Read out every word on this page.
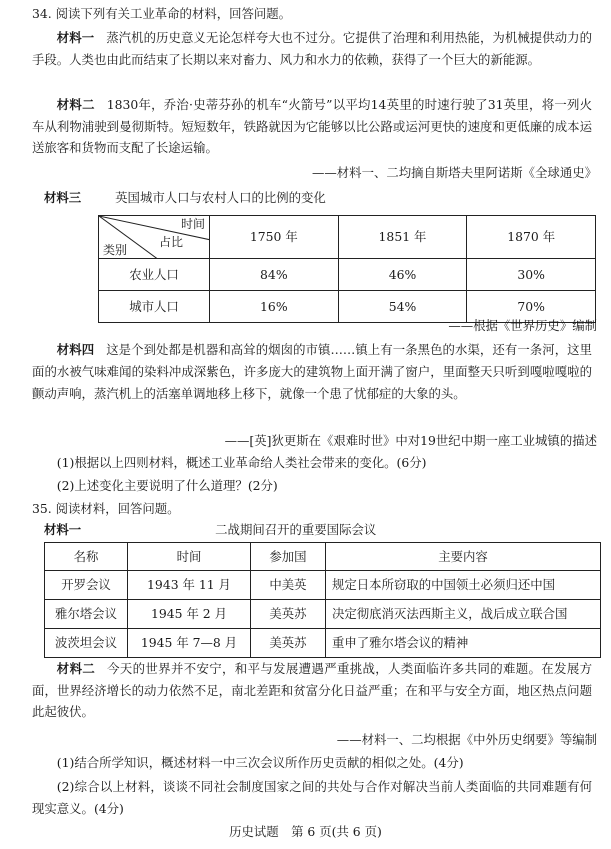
34. 阅读下列有关工业革命的材料，回答问题。
材料一 蒸汽机的历史意义无论怎样夸大也不过分。它提供了治理和利用热能，为机械提供动力的手段。人类也由此而结束了长期以来对畜力、风力和水力的依赖，获得了一个巨大的新能源。
材料二 1830年，乔治·史蒂芬孙的机车“火箭号”以平均14英里的时速行驶了31英里，将一列火车从利物浦驶到曼彻斯特。短短数年，铁路就因为它能够以比公路或运河更快的速度和更低廉的成本运送旅客和货物而支配了长途运输。
——材料一、二均摘自斯塔夫里阿诺斯《全球通史》
材料三	英国城市人口与农村人口的比例的变化
时间
占比
类别	1750 年	1851 年	1870 年
农业人口	84%	46%	30%
城市人口	16%	54%	70%
——根据《世界历史》编制
材料四 这是个到处都是机器和高耸的烟囱的市镇……镇上有一条黑色的水渠，还有一条河，这里面的水被气味难闻的染料冲成深紫色，许多庞大的建筑物上面开满了窗户，里面整天只听到嘎啦嘎啦的颤动声响，蒸汽机上的活塞单调地移上移下，就像一个患了忧郁症的大象的头。
——[英]狄更斯在《艰难时世》中对19世纪中期一座工业城镇的描述
(1)根据以上四则材料，概述工业革命给人类社会带来的变化。(6分)
(2)上述变化主要说明了什么道理？(2分)
35. 阅读材料，回答问题。
材料一	二战期间召开的重要国际会议
名称	时间	参加国	主要内容
开罗会议	1943 年 11 月	中美英	规定日本所窃取的中国领土必须归还中国
雅尔塔会议	1945 年 2 月	美英苏	决定彻底消灭法西斯主义，战后成立联合国
波茨坦会议	1945 年 7—8 月	美英苏	重申了雅尔塔会议的精神
材料二 今天的世界并不安宁，和平与发展遭遇严重挑战，人类面临许多共同的难题。在发展方面，世界经济增长的动力依然不足，南北差距和贫富分化日益严重；在和平与安全方面，地区热点问题此起彼伏。
——材料一、二均根据《中外历史纲要》等编制
(1)结合所学知识，概述材料一中三次会议所作历史贡献的相似之处。(4分)
(2)综合以上材料，谈谈不同社会制度国家之间的共处与合作对解决当前人类面临的共同难题有何现实意义。(4分)
历史试题　第 6 页(共 6 页)
